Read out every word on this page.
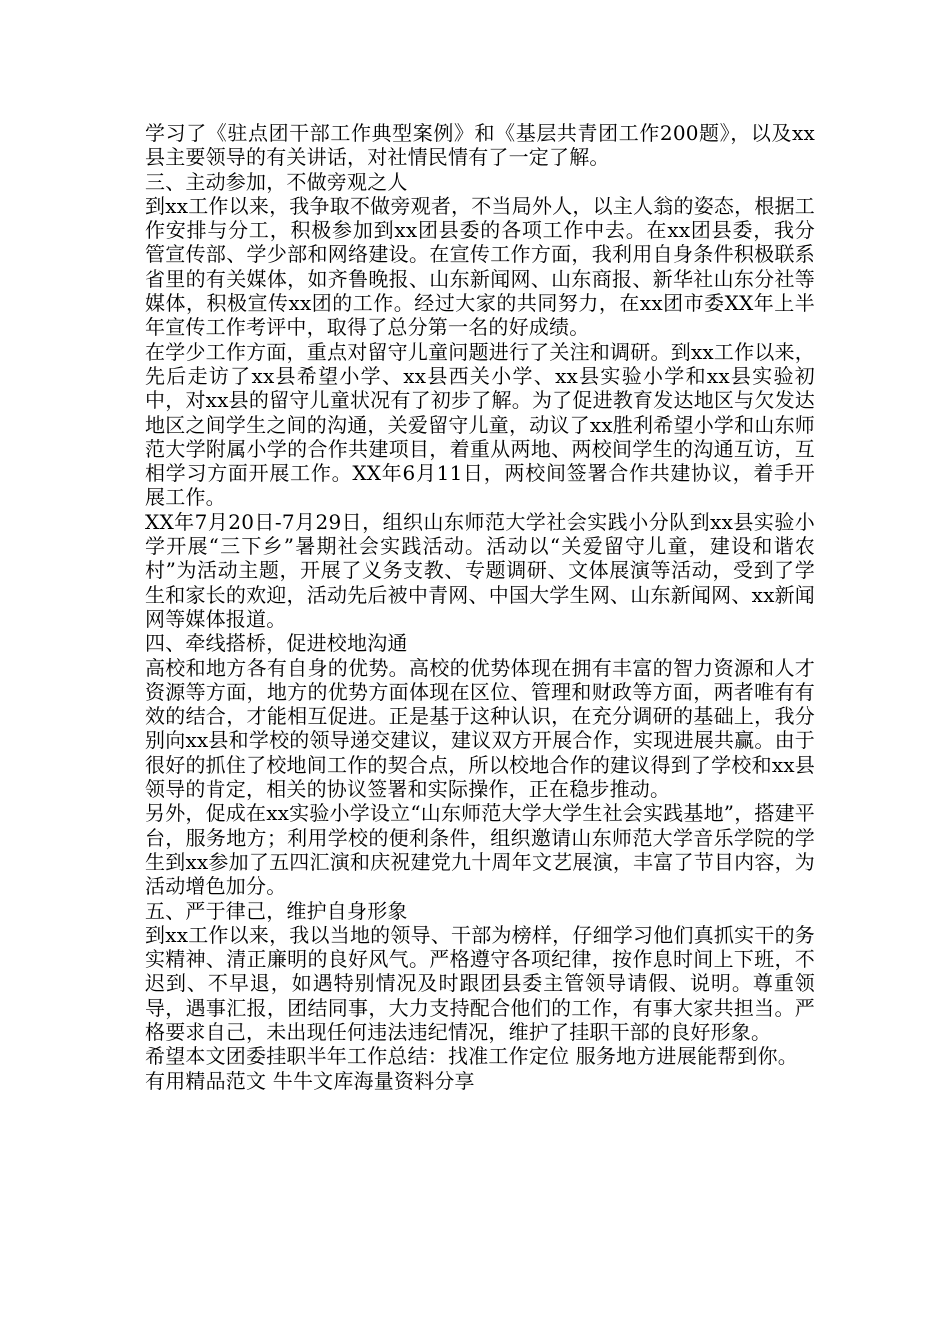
学习了《驻点团干部工作典型案例》和《基层共青团工作200题》，以及xx县主要领导的有关讲话，对社情民情有了一定了解。

三、主动参加，不做旁观之人

到xx工作以来，我争取不做旁观者，不当局外人，以主人翁的姿态，根据工作安排与分工，积极参加到xx团县委的各项工作中去。在xx团县委，我分管宣传部、学少部和网络建设。在宣传工作方面，我利用自身条件积极联系省里的有关媒体，如齐鲁晚报、山东新闻网、山东商报、新华社山东分社等媒体，积极宣传xx团的工作。经过大家的共同努力，在xx团市委XX年上半年宣传工作考评中，取得了总分第一名的好成绩。

在学少工作方面，重点对留守儿童问题进行了关注和调研。到xx工作以来，先后走访了xx县希望小学、xx县西关小学、xx县实验小学和xx县实验初中，对xx县的留守儿童状况有了初步了解。为了促进教育发达地区与欠发达地区之间学生之间的沟通，关爱留守儿童，动议了xx胜利希望小学和山东师范大学附属小学的合作共建项目，着重从两地、两校间学生的沟通互访，互相学习方面开展工作。XX年6月11日，两校间签署合作共建协议，着手开展工作。

XX年7月20日-7月29日，组织山东师范大学社会实践小分队到xx县实验小学开展“三下乡”暑期社会实践活动。活动以“关爱留守儿童，建设和谐农村”为活动主题，开展了义务支教、专题调研、文体展演等活动，受到了学生和家长的欢迎，活动先后被中青网、中国大学生网、山东新闻网、xx新闻网等媒体报道。

四、牵线搭桥，促进校地沟通

高校和地方各有自身的优势。高校的优势体现在拥有丰富的智力资源和人才资源等方面，地方的优势方面体现在区位、管理和财政等方面，两者唯有有效的结合，才能相互促进。正是基于这种认识，在充分调研的基础上，我分别向xx县和学校的领导递交建议，建议双方开展合作，实现进展共赢。由于很好的抓住了校地间工作的契合点，所以校地合作的建议得到了学校和xx县领导的肯定，相关的协议签署和实际操作，正在稳步推动。

另外，促成在xx实验小学设立“山东师范大学大学生社会实践基地”，搭建平台，服务地方；利用学校的便利条件，组织邀请山东师范大学音乐学院的学生到xx参加了五四汇演和庆祝建党九十周年文艺展演，丰富了节目内容，为活动增色加分。

五、严于律己，维护自身形象

到xx工作以来，我以当地的领导、干部为榜样，仔细学习他们真抓实干的务实精神、清正廉明的良好风气。严格遵守各项纪律，按作息时间上下班，不迟到、不早退，如遇特别情况及时跟团县委主管领导请假、说明。尊重领导，遇事汇报，团结同事，大力支持配合他们的工作，有事大家共担当。严格要求自己，未出现任何违法违纪情况，维护了挂职干部的良好形象。

希望本文团委挂职半年工作总结：找准工作定位 服务地方进展能帮到你。

有用精品范文 牛牛文库海量资料分享
